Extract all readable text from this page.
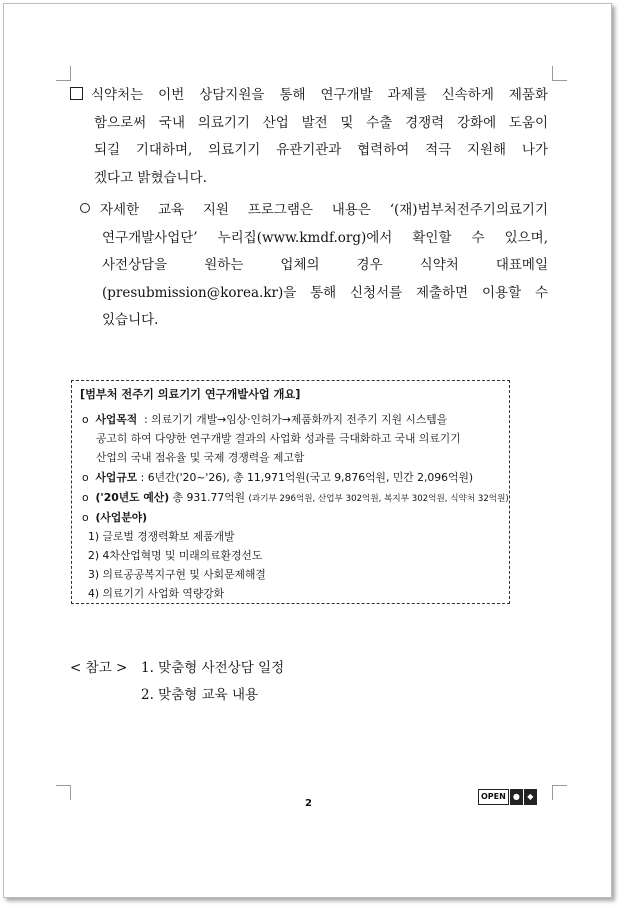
식약처는 이번 상담지원을 통해 연구개발 과제를 신속하게 제품화
함으로써 국내 의료기기 산업 발전 및 수출 경쟁력 강화에 도움이
되길 기대하며, 의료기기 유관기관과 협력하여 적극 지원해 나가
겠다고 밝혔습니다.
자세한 교육 지원 프로그램은 내용은 ‘(재)범부처전주기의료기기
연구개발사업단’ 누리집(www.kmdf.org)에서 확인할 수 있으며,
사전상담을 원하는 업체의 경우 식약처 대표메일
(presubmission@korea.kr)을 통해 신청서를 제출하면 이용할 수
있습니다.
[범부처 전주기 의료기기 연구개발사업 개요]
o 사업목적 : 의료기기 개발→임상·인허가→제품화까지 전주기 지원 시스템을
공고히 하여 다양한 연구개발 결과의 사업화 성과를 극대화하고 국내 의료기기
산업의 국내 점유율 및 국제 경쟁력을 제고함
o 사업규모 : 6년간('20~'26), 총 11,971억원(국고 9,876억원, 민간 2,096억원)
o ('20년도 예산) 총 931.77억원 (과기부 296억원, 산업부 302억원, 복지부 302억원, 식약처 32억원)
o (사업분야)
1) 글로벌 경쟁력확보 제품개발
2) 4차산업혁명 및 미래의료환경선도
3) 의료공공복지구현 및 사회문제해결
4) 의료기기 사업화 역량강화
< 참고 > 1. 맞춤형 사전상담 일정
2. 맞춤형 교육 내용
2
OPEN ● ◆
